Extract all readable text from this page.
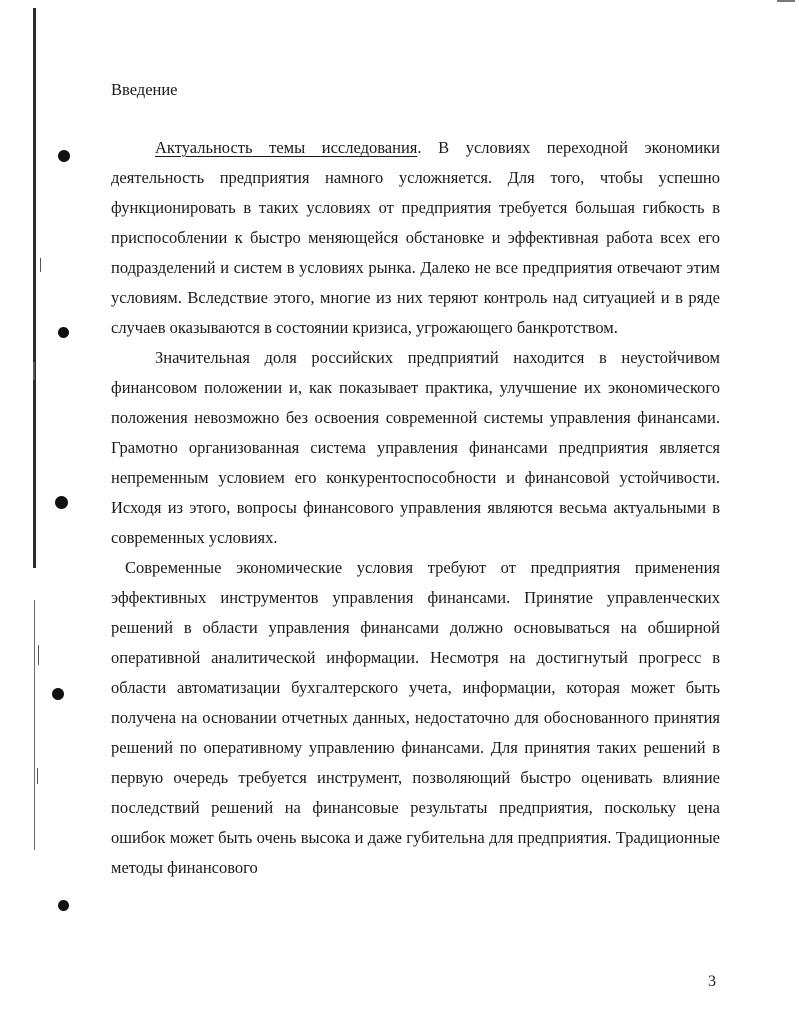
Введение

Актуальность темы исследования. В условиях переходной экономики деятельность предприятия намного усложняется. Для того, чтобы успешно функционировать в таких условиях от предприятия требуется большая гибкость в приспособлении к быстро меняющейся обстановке и эффективная работа всех его подразделений и систем в условиях рынка. Далеко не все предприятия отвечают этим условиям. Вследствие этого, многие из них теряют контроль над ситуацией и в ряде случаев оказываются в состоянии кризиса, угрожающего банкротством.

Значительная доля российских предприятий находится в неустойчивом финансовом положении и, как показывает практика, улучшение их экономического положения невозможно без освоения современной системы управления финансами. Грамотно организованная система управления финансами предприятия является непременным условием его конкурентоспособности и финансовой устойчивости. Исходя из этого, вопросы финансового управления являются весьма актуальными в современных условиях.

Современные экономические условия требуют от предприятия применения эффективных инструментов управления финансами. Принятие управленческих решений в области управления финансами должно основываться на обширной оперативной аналитической информации. Несмотря на достигнутый прогресс в области автоматизации бухгалтерского учета, информации, которая может быть получена на основании отчетных данных, недостаточно для обоснованного принятия решений по оперативному управлению финансами. Для принятия таких решений в первую очередь требуется инструмент, позволяющий быстро оценивать влияние последствий решений на финансовые результаты предприятия, поскольку цена ошибок может быть очень высока и даже губительна для предприятия. Традиционные методы финансового

3
